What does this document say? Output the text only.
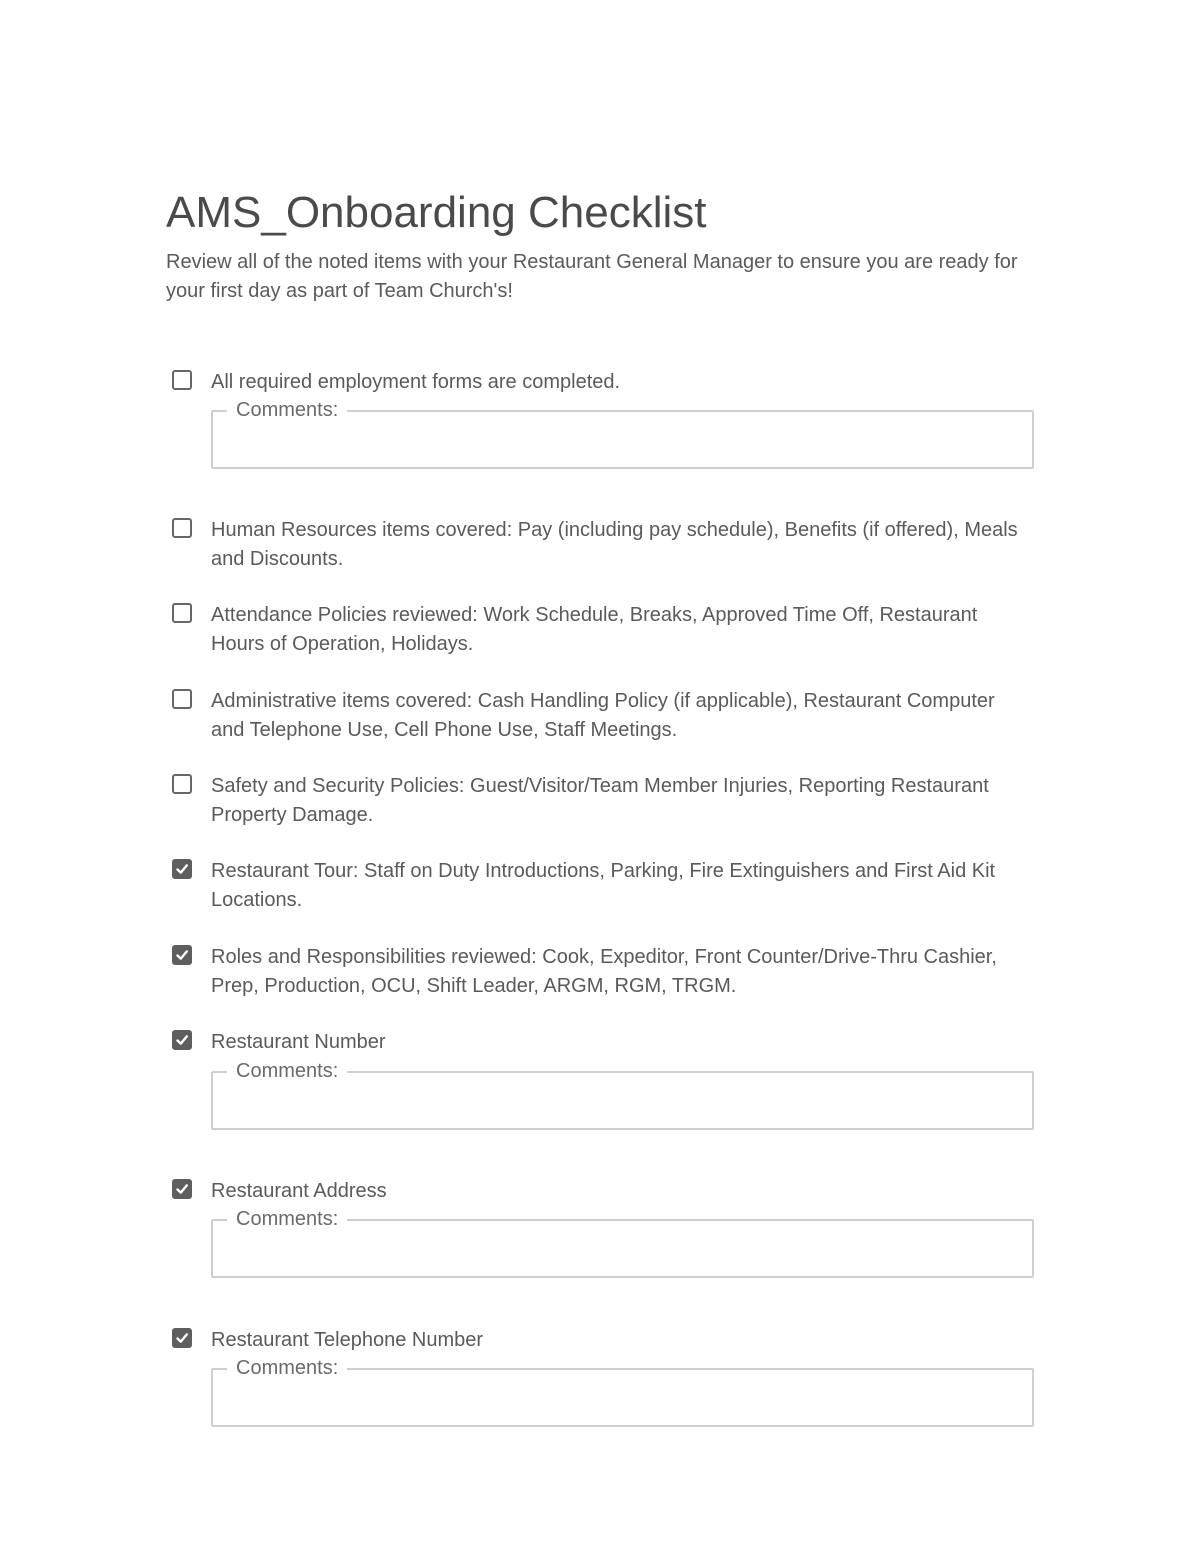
AMS_Onboarding Checklist

Review all of the noted items with your Restaurant General Manager to ensure you are ready for your first day as part of Team Church's!

All required employment forms are completed.

Comments:

Human Resources items covered: Pay (including pay schedule), Benefits (if offered), Meals and Discounts.

Attendance Policies reviewed: Work Schedule, Breaks, Approved Time Off, Restaurant Hours of Operation, Holidays.

Administrative items covered: Cash Handling Policy (if applicable), Restaurant Computer and Telephone Use, Cell Phone Use, Staff Meetings.

Safety and Security Policies: Guest/Visitor/Team Member Injuries, Reporting Restaurant Property Damage.

Restaurant Tour: Staff on Duty Introductions, Parking, Fire Extinguishers and First Aid Kit Locations.

Roles and Responsibilities reviewed: Cook, Expeditor, Front Counter/Drive-Thru Cashier, Prep, Production, OCU, Shift Leader, ARGM, RGM, TRGM.

Restaurant Number

Comments:

Restaurant Address

Comments:

Restaurant Telephone Number

Comments:
